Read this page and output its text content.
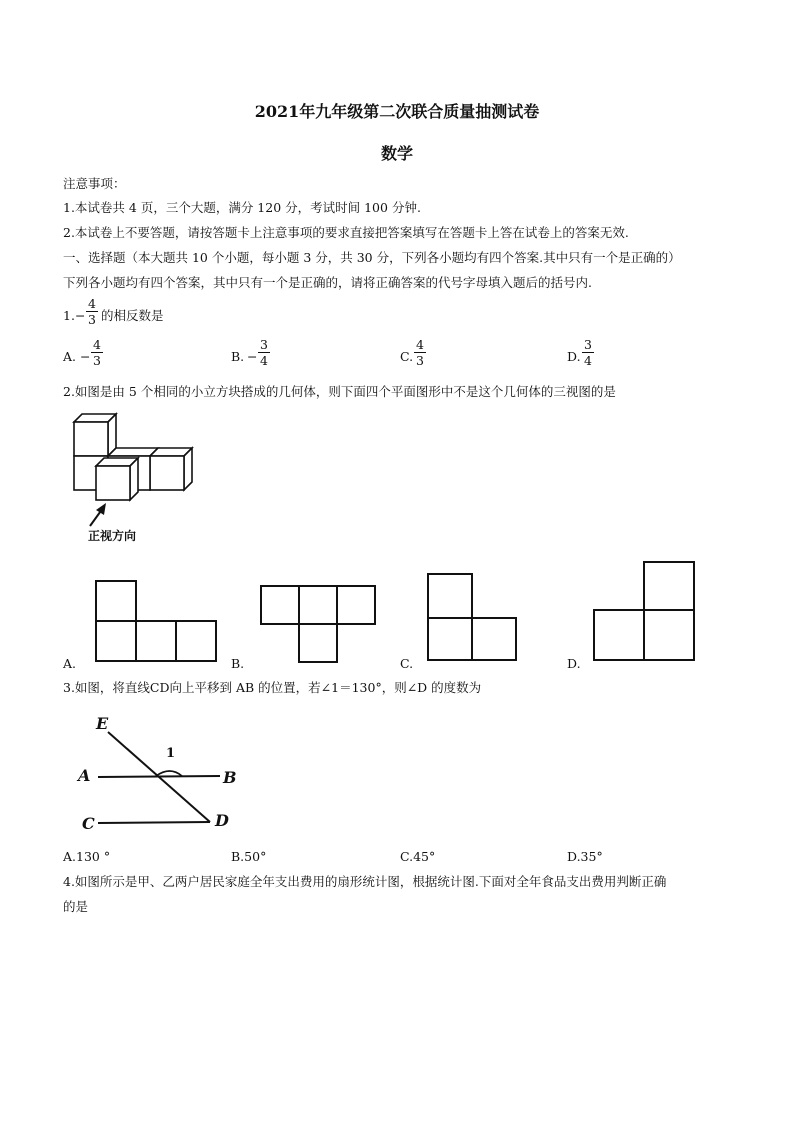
2021年九年级第二次联合质量抽测试卷
数学
注意事项：
1.本试卷共 4 页，三个大题，满分 120 分，考试时间 100 分钟.
2.本试卷上不要答题，请按答题卡上注意事项的要求直接把答案填写在答题卡上答在试卷上的答案无效.
一、选择题（本大题共 10 个小题，每小题 3 分，共 30 分，下列各小题均有四个答案.其中只有一个是正确的）
下列各小题均有四个答案，其中只有一个是正确的，请将正确答案的代号字母填入题后的括号内.
1. − $\frac{4}{3}$ 的相反数是
A. − $\frac{4}{3}$	B. − $\frac{3}{4}$	C. $\frac{4}{3}$	D. $\frac{3}{4}$
2.如图是由 5 个相同的小立方块搭成的几何体，则下面四个平面图形中不是这个几何体的三视图的是
正视方向
A.	B.	C.	D.
3.如图，将直线CD向上平移到 AB 的位置，若∠1＝130°，则∠D 的度数为
E
1
A	B
C	D
A.130 °	B.50°	C.45°	D.35°
4.如图所示是甲、乙两户居民家庭全年支出费用的扇形统计图，根据统计图.下面对全年食品支出费用判断正确
的是
